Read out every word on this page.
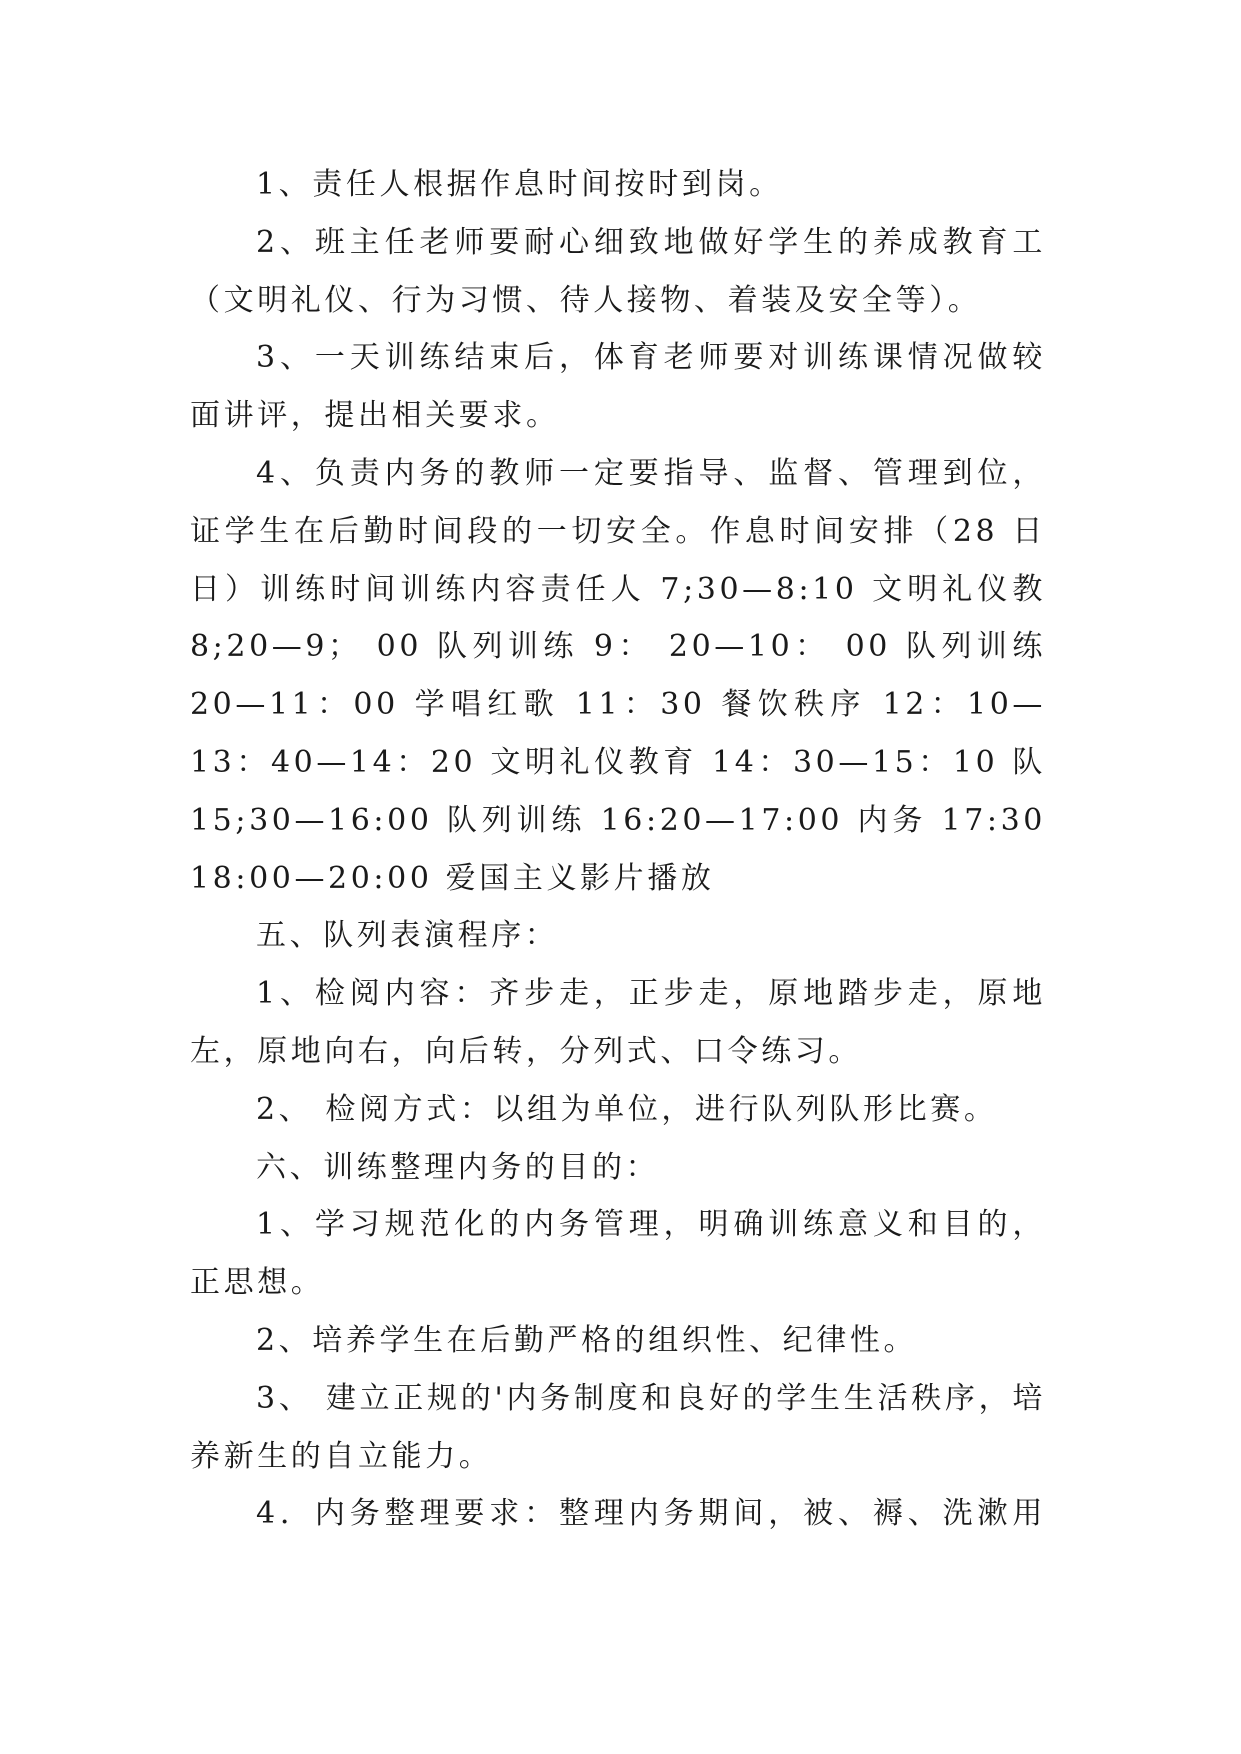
1、责任人根据作息时间按时到岗。
2、班主任老师要耐心细致地做好学生的养成教育工
（文明礼仪、行为习惯、待人接物、着装及安全等）。
3、一天训练结束后，体育老师要对训练课情况做较
面讲评，提出相关要求。
4、负责内务的教师一定要指导、监督、管理到位，
证学生在后勤时间段的一切安全。作息时间安排（28 日
日）训练时间训练内容责任人 7;30—8:10 文明礼仪教
8;20—9； 00 队列训练 9： 20—10： 00 队列训练
20—11：00 学唱红歌 11：30 餐饮秩序 12：10—
13：40—14：20 文明礼仪教育 14：30—15：10 队
15;30—16:00 队列训练 16:20—17:00 内务 17:30
18:00—20:00 爱国主义影片播放
五、队列表演程序：
1、检阅内容：齐步走，正步走，原地踏步走，原地
左，原地向右，向后转，分列式、口令练习。
2、 检阅方式：以组为单位，进行队列队形比赛。
六、训练整理内务的目的：
1、学习规范化的内务管理，明确训练意义和目的，
正思想。
2、培养学生在后勤严格的组织性、纪律性。
3、 建立正规的'内务制度和良好的学生生活秩序，培
养新生的自立能力。
4．内务整理要求：整理内务期间，被、褥、洗漱用
